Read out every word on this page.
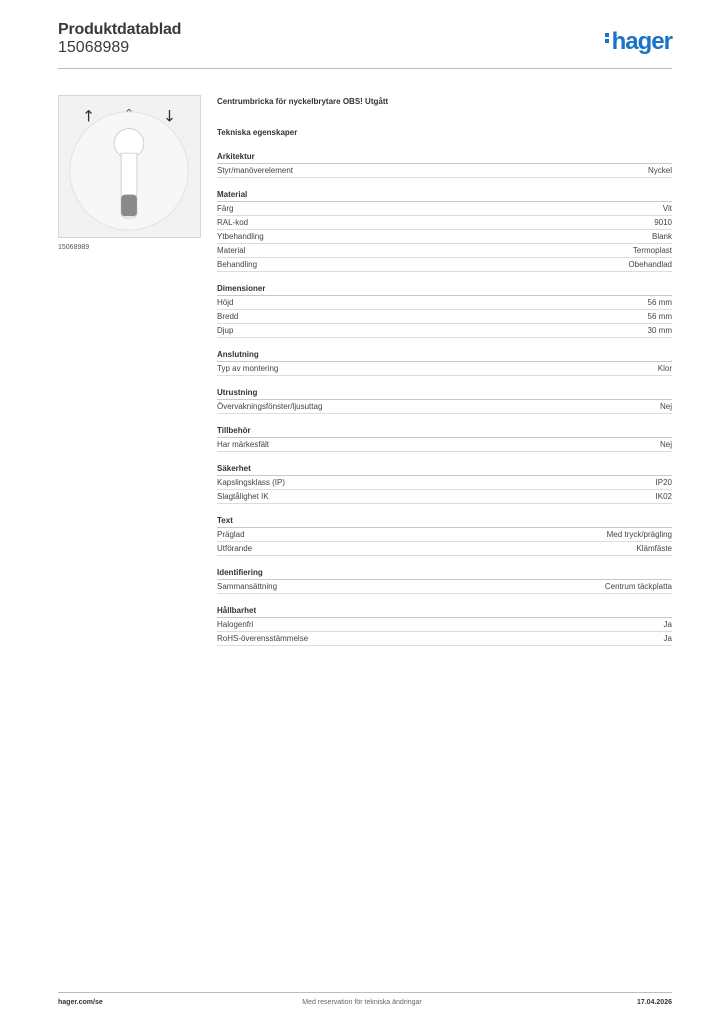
Produktdatablad
15068989	hager
↑	^ ↓
15068989
Centrumbricka för nyckelbrytare OBS! Utgått
Tekniska egenskaper
Arkitektur
Styr/manöverelement	Nyckel
Material
Färg	Vit
RAL-kod	9010
Ytbehandling	Blank
Material	Termoplast
Behandling	Obehandlad
Dimensioner
Höjd	56 mm
Bredd	56 mm
Djup	30 mm
Anslutning
Typ av montering	Klor
Utrustning
Övervakningsfönster/ljusuttag	Nej
Tillbehör
Har märkesfält	Nej
Säkerhet
Kapslingsklass (IP)	IP20
Slagtålighet IK	IK02
Text
Präglad	Med tryck/prägling
Utförande	Klämfäste
Identifiering
Sammansättning	Centrum täckplatta
Hållbarhet
Halogenfri	Ja
RoHS-överensstämmelse	Ja
hager.com/se	Med reservation för tekniska ändringar	17.04.2026
